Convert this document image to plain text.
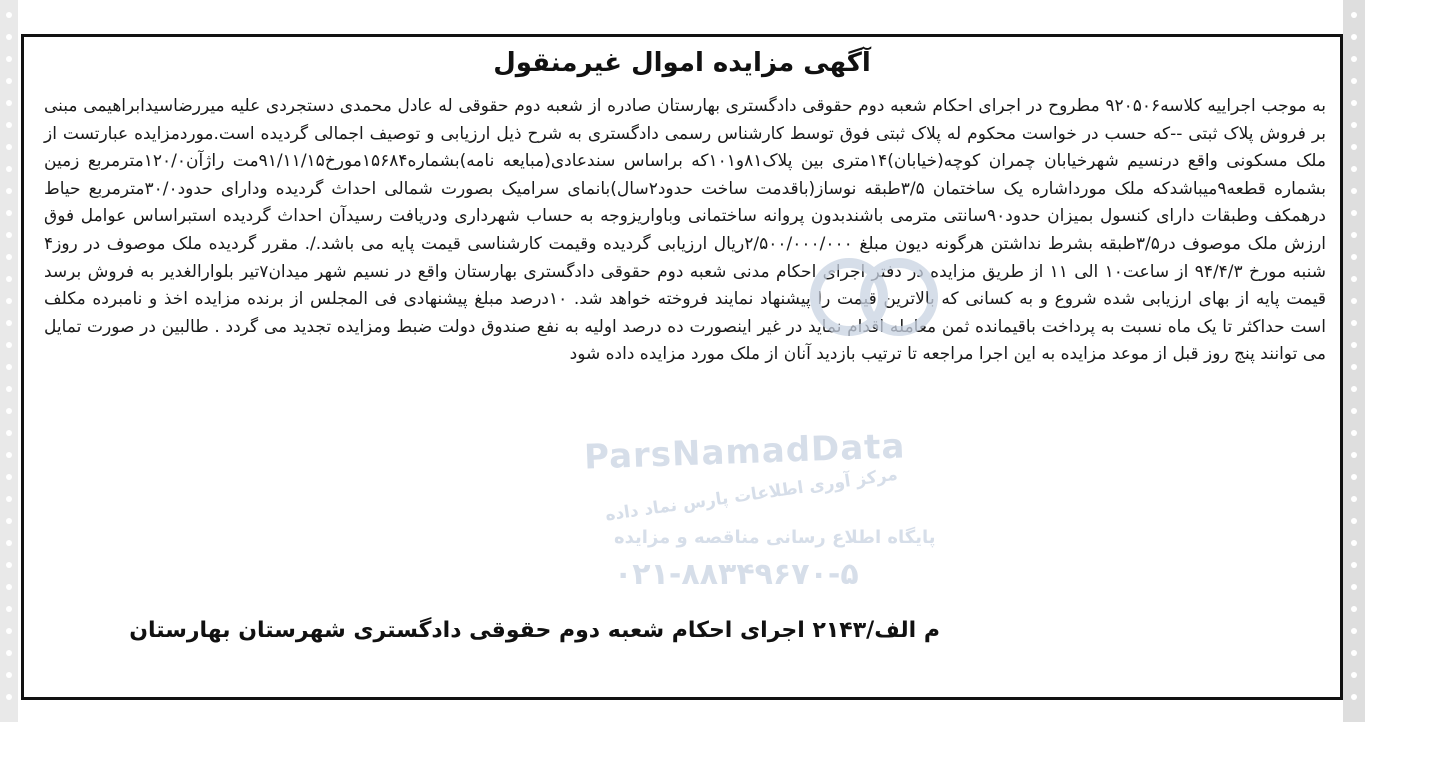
آگهی مزایده اموال غیرمنقول

به موجب اجراییه کلاسه۹۲۰۵۰۶ مطروح در اجرای احکام شعبه دوم حقوقی دادگستری بهارستان صادره از شعبه دوم حقوقی له عادل محمدی دستجردی علیه میررضاسیدابراهیمی مبنی بر فروش پلاک ثبتی --که حسب در خواست محکوم له پلاک ثبتی فوق توسط کارشناس رسمی دادگستری به شرح ذیل ارزیابی و توصیف اجمالی گردیده است.موردمزایده عبارتست از ملک مسکونی واقع درنسیم شهرخیابان چمران کوچه(خیابان)۱۴متری بین پلاک۸۱و۱۰۱که براساس سندعادی(مبایعه نامه)بشماره۱۵۶۸۴مورخ۹۱/۱۱/۱۵مت راژآن۱۲۰/۰مترمربع زمین بشماره قطعه۹میباشدکه ملک مورداشاره یک ساختمان ۳/۵طبقه نوساز(باقدمت ساخت حدود۲سال)بانمای سرامیک بصورت شمالی احداث گردیده ودارای حدود۳۰/۰مترمربع حیاط درهمکف وطبقات دارای کنسول بمیزان حدود۹۰سانتی مترمی باشندبدون پروانه ساختمانی وباواریزوجه به حساب شهرداری ودریافت رسیدآن احداث گردیده استبراساس عوامل فوق ارزش ملک موصوف در۳/۵طبقه بشرط نداشتن هرگونه دیون مبلغ ۲/۵۰۰/۰۰۰/۰۰۰ریال ارزیابی گردیده وقیمت کارشناسی قیمت پایه می باشد./. مقرر گردیده ملک موصوف در روز۴ شنبه مورخ ۹۴/۴/۳ از ساعت۱۰ الی ۱۱ از طریق مزایده در دفتر اجرای احکام مدنی شعبه دوم حقوقی دادگستری بهارستان واقع در نسیم شهر میدان۷تیر بلوارالغدیر به فروش برسد قیمت پایه از بهای ارزیابی شده شروع و به کسانی که بالاترین قیمت را پیشنهاد نمایند فروخته خواهد شد. ۱۰درصد مبلغ پیشنهادی فی المجلس از برنده مزایده اخذ و نامبرده مکلف است حداکثر تا یک ماه نسبت به پرداخت باقیمانده ثمن معامله اقدام نماید در غیر اینصورت ده درصد اولیه به نفع صندوق دولت ضبط ومزایده تجدید می گردد . طالبین در صورت تمایل می توانند پنج روز قبل از موعد مزایده به این اجرا مراجعه تا ترتیب بازدید آنان از ملک مورد مزایده داده شود

م الف/۲۱۴۳ اجرای احکام شعبه دوم حقوقی دادگستری شهرستان بهارستان

ParsNamadData
مرکز آوری اطلاعات پارس نماد داده
پایگاه اطلاع رسانی مناقصه و مزایده
۰۲۱-۸۸۳۴۹۶۷۰-۵
